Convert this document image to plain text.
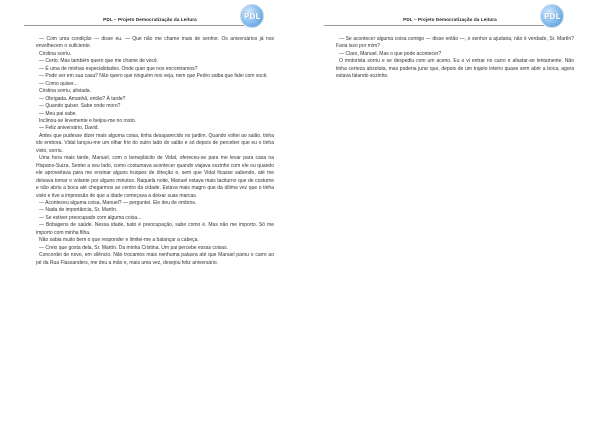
PDL – Projeto Democratização da Leitura	PDL

— Com uma condição — disse eu. — Que não me chame mais de senhor. Os aniversários já nos envelhecem o suficiente.

Cristina sorriu.

— Certo. Mas também quero que me chame de você.

— É uma de minhas especialidades. Onde quer que nos encontramos?

— Pode ser em sua casa? Não quero que ninguém nos veja, nem que Pedro saiba que falei com você.

— Como quiser...

Cristina sorriu, aliviada.

— Obrigada. Amanhã, então? À tarde?

— Quando quiser. Sabe onde moro?

— Meu pai sabe.

Inclinou-se levemente e beijou-me no rosto.

— Feliz aniversário, David.

Antes que pudesse dizer mais alguma coisa, tinha desaparecido no jardim. Quando voltei ao salão, tinha ido embora. Vidal lançou-me um olhar frio do outro lado do salão e só depois de perceber que eu o tinha visto, sorriu.

Uma hora mais tarde, Manuel, com o beneplácito de Vidal, ofereceu-se para me levar para casa na Hispano-Suiza. Sentei a seu lado, como costumava acontecer quando viajava sozinho com ele ou quando ele aproveitava para me ensinar alguns truques de direção e, sem que Vidal ficasse sabendo, até me deixava tomar o volante por alguns minutos. Naquela noite, Manuel estava mais taciturno que de costume e não abriu a boca até chegarmos ao centro da cidade. Estava mais magro que da última vez que o tinha visto e tive a impressão de que a idade começava a deixar suas marcas.

— Aconteceu alguma coisa, Manuel? — perguntei. Ele deu de ombros.

— Nada de importância, Sr. Martín.

— Se estiver preocupado com alguma coisa...

— Bobagens de saúde. Nessa idade, tudo é preocupação, sabe como é. Mas não me importo. Só me importo com minha filha.

Não sabia muito bem o que responder e limitei-me a balançar a cabeça.

— Creio que gosta dela, Sr. Martín. Da minha Cristina. Um pai percebe essas coisas.

Concordei de novo, em silêncio. Não trocamos mais nenhuma palavra até que Manuel parou o carro ao pé da Rua Flassanders, me deu a mão e, mais uma vez, desejou feliz aniversário.

PDL – Projeto Democratização da Leitura	PDL

— Se acontecer alguma coisa comigo — disse então —, o senhor a ajudaria, não é verdade, Sr. Martín? Faria isso por mim?

— Claro, Manuel. Mas o que pode acontecer?

O motorista sorriu e se despediu com um aceno. Eu o vi entrar no carro e afastar-se lentamente. Não tinha certeza absoluta, mas poderia jurar que, depois de um trajeto inteiro quase sem abrir a boca, agora estava falando sozinho.
